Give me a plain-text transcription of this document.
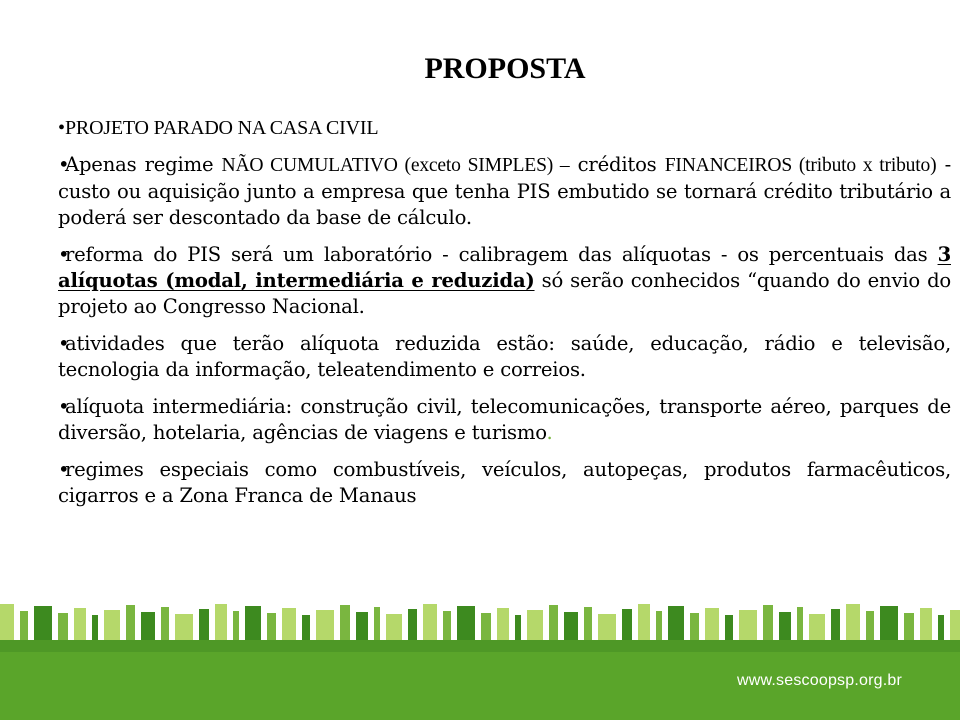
PROPOSTA

•PROJETO PARADO NA CASA CIVIL

•Apenas regime NÃO CUMULATIVO (exceto SIMPLES) – créditos FINANCEIROS (tributo x tributo) - custo ou aquisição junto a empresa que tenha PIS embutido se tornará crédito tributário a poderá ser descontado da base de cálculo.

•reforma do PIS será um laboratório - calibragem das alíquotas - os percentuais das 3 alíquotas (modal, intermediária e reduzida) só serão conhecidos “quando do envio do projeto ao Congresso Nacional.

•atividades que terão alíquota reduzida estão: saúde, educação, rádio e televisão, tecnologia da informação, teleatendimento e correios.

•alíquota intermediária: construção civil, telecomunicações, transporte aéreo, parques de diversão, hotelaria, agências de viagens e turismo.

•regimes especiais como combustíveis, veículos, autopeças, produtos farmacêuticos, cigarros e a Zona Franca de Manaus

www.sescoopsp.org.br
